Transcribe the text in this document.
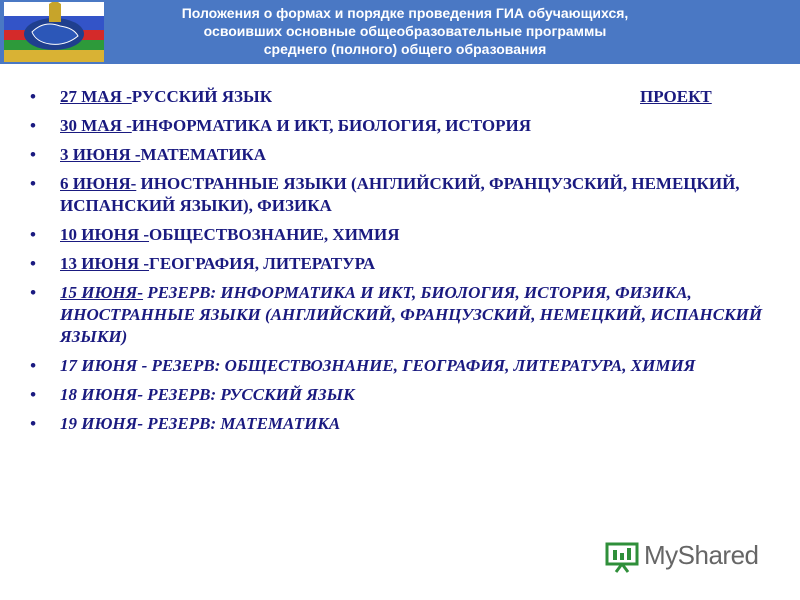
Положения о формах и порядке проведения ГИА обучающихся,
освоивших основные общеобразовательные программы
среднего (полного) общего образования
• 27 МАЯ -РУССКИЙ ЯЗЫК	ПРОЕКТ
• 30 МАЯ -ИНФОРМАТИКА И ИКТ, БИОЛОГИЯ, ИСТОРИЯ
• 3 ИЮНЯ -МАТЕМАТИКА
• 6 ИЮНЯ- ИНОСТРАННЫЕ ЯЗЫКИ (АНГЛИЙСКИЙ, ФРАНЦУЗСКИЙ, НЕМЕЦКИЙ, ИСПАНСКИЙ ЯЗЫКИ), ФИЗИКА
• 10 ИЮНЯ -ОБЩЕСТВОЗНАНИЕ, ХИМИЯ
• 13 ИЮНЯ -ГЕОГРАФИЯ, ЛИТЕРАТУРА
• 15 ИЮНЯ- РЕЗЕРВ: ИНФОРМАТИКА И ИКТ, БИОЛОГИЯ, ИСТОРИЯ, ФИЗИКА, ИНОСТРАННЫЕ ЯЗЫКИ (АНГЛИЙСКИЙ, ФРАНЦУЗСКИЙ, НЕМЕЦКИЙ, ИСПАНСКИЙ ЯЗЫКИ)
• 17 ИЮНЯ - РЕЗЕРВ: ОБЩЕСТВОЗНАНИЕ, ГЕОГРАФИЯ, ЛИТЕРАТУРА, ХИМИЯ
• 18 ИЮНЯ- РЕЗЕРВ: РУССКИЙ ЯЗЫК
• 19 ИЮНЯ- РЕЗЕРВ: МАТЕМАТИКА
MyShared
